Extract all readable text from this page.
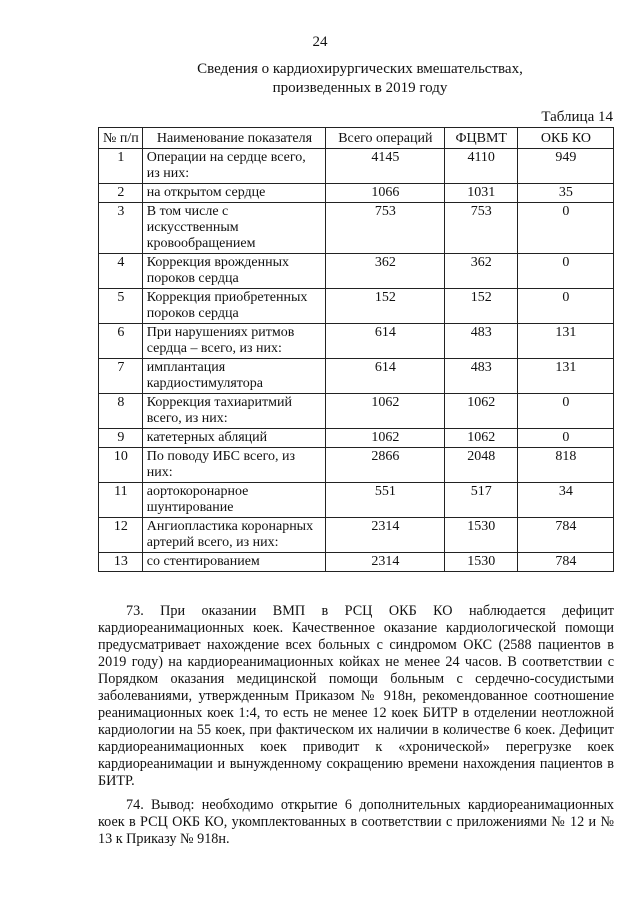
24
Сведения о кардиохирургических вмешательствах, произведенных в 2019 году
Таблица 14
№ п/п	Наименование показателя	Всего операций	ФЦВМТ	ОКБ КО
1	Операции на сердце всего, из них:	4145	4110	949
2	на открытом сердце	1066	1031	35
3	В том числе с искусственным кровообращением	753	753	0
4	Коррекция врожденных пороков сердца	362	362	0
5	Коррекция приобретенных пороков сердца	152	152	0
6	При нарушениях ритмов сердца – всего, из них:	614	483	131
7	имплантация кардиостимулятора	614	483	131
8	Коррекция тахиаритмий всего, из них:	1062	1062	0
9	катетерных абляций	1062	1062	0
10	По поводу ИБС всего, из них:	2866	2048	818
11	аортокоронарное шунтирование	551	517	34
12	Ангиопластика коронарных артерий всего, из них:	2314	1530	784
13	со стентированием	2314	1530	784

73. При оказании ВМП в РСЦ ОКБ КО наблюдается дефицит кардиореанимационных коек. Качественное оказание кардиологической помощи предусматривает нахождение всех больных с синдромом ОКС (2588 пациентов в 2019 году) на кардиореанимационных койках не менее 24 часов. В соответствии с Порядком оказания медицинской помощи больным с сердечно-сосудистыми заболеваниями, утвержденным Приказом № 918н, рекомендованное соотношение реанимационных коек 1:4, то есть не менее 12 коек БИТР в отделении неотложной кардиологии на 55 коек, при фактическом их наличии в количестве 6 коек. Дефицит кардиореанимационных коек приводит к «хронической» перегрузке коек кардиореанимации и вынужденному сокращению времени нахождения пациентов в БИТР.

74. Вывод: необходимо открытие 6 дополнительных кардиореанимационных коек в РСЦ ОКБ КО, укомплектованных в соответствии с приложениями № 12 и № 13 к Приказу № 918н.
